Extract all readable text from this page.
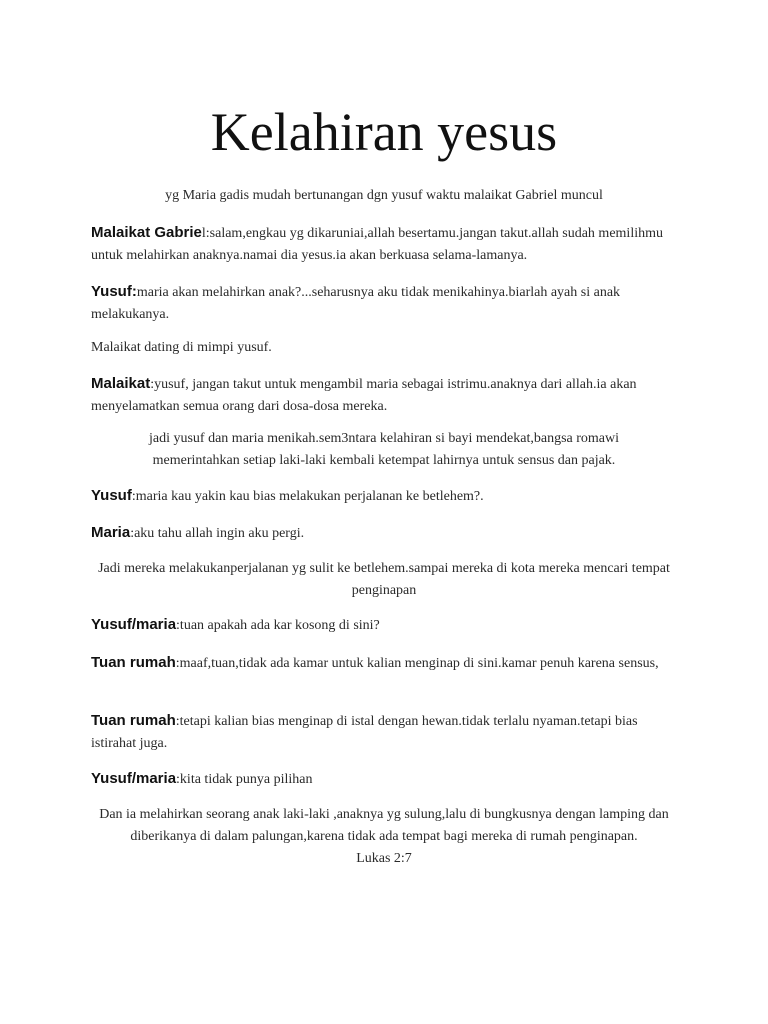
Kelahiran yesus
yg Maria gadis mudah bertunangan dgn yusuf waktu malaikat Gabriel muncul
Malaikat Gabriel:salam,engkau yg dikaruniai,allah besertamu.jangan takut.allah sudah memilihmu untuk melahirkan anaknya.namai dia yesus.ia akan berkuasa selama-lamanya.
Yusuf:maria akan melahirkan anak?...seharusnya aku tidak menikahinya.biarlah ayah si anak melakukanya.
Malaikat dating di mimpi yusuf.
Malaikat:yusuf, jangan takut untuk mengambil maria sebagai istrimu.anaknya dari allah.ia akan menyelamatkan semua orang dari dosa-dosa mereka.
jadi yusuf dan maria menikah.sem3ntara kelahiran si bayi mendekat,bangsa romawi memerintahkan setiap laki-laki kembali ketempat lahirnya untuk sensus dan pajak.
Yusuf:maria kau yakin kau bias melakukan perjalanan ke betlehem?.
Maria:aku tahu allah ingin aku pergi.
Jadi mereka melakukanperjalanan yg sulit ke betlehem.sampai mereka di kota mereka mencari tempat penginapan
Yusuf/maria:tuan apakah ada kar kosong di sini?
Tuan rumah:maaf,tuan,tidak ada kamar untuk kalian menginap di sini.kamar penuh karena sensus,
Tuan rumah:tetapi kalian bias menginap di istal dengan hewan.tidak terlalu nyaman.tetapi bias istirahat juga.
Yusuf/maria:kita tidak punya pilihan
Dan ia melahirkan seorang anak laki-laki ,anaknya yg sulung,lalu di bungkusnya dengan lamping dan diberikanya di dalam palungan,karena tidak ada tempat bagi mereka di rumah penginapan.
Lukas 2:7
